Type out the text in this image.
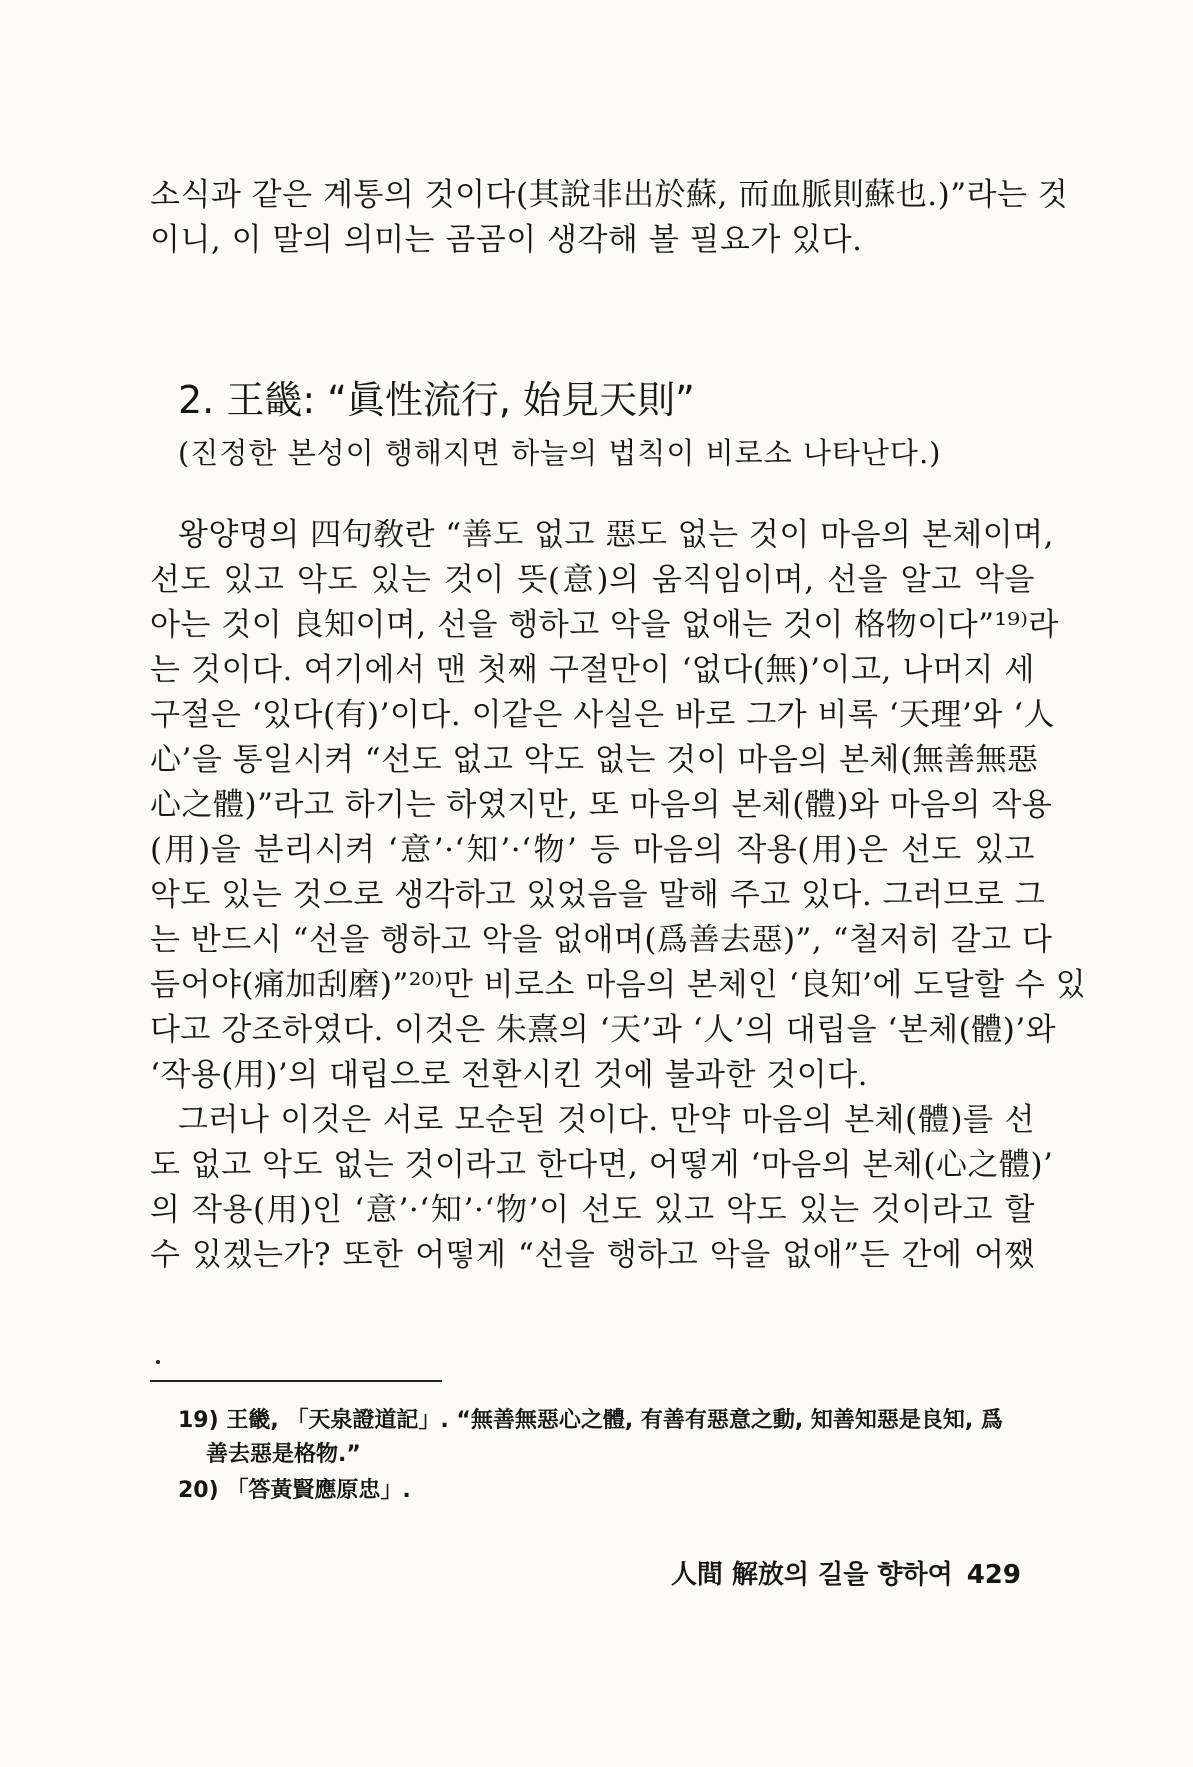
소식과 같은 계통의 것이다(其說非出於蘇, 而血脈則蘇也.)”라는 것
이니, 이 말의 의미는 곰곰이 생각해 볼 필요가 있다.
2. 王畿: “眞性流行, 始見天則”
(진정한 본성이 행해지면 하늘의 법칙이 비로소 나타난다.)
왕양명의 四句敎란 “善도 없고 惡도 없는 것이 마음의 본체이며,
선도 있고 악도 있는 것이 뜻(意)의 움직임이며, 선을 알고 악을
아는 것이 良知이며, 선을 행하고 악을 없애는 것이 格物이다”¹⁹⁾라
는 것이다. 여기에서 맨 첫째 구절만이 ‘없다(無)’이고, 나머지 세
구절은 ‘있다(有)’이다. 이같은 사실은 바로 그가 비록 ‘天理’와 ‘人
心’을 통일시켜 “선도 없고 악도 없는 것이 마음의 본체(無善無惡
心之體)”라고 하기는 하였지만, 또 마음의 본체(體)와 마음의 작용
(用)을 분리시켜 ‘意’·‘知’·‘物’ 등 마음의 작용(用)은 선도 있고
악도 있는 것으로 생각하고 있었음을 말해 주고 있다. 그러므로 그
는 반드시 “선을 행하고 악을 없애며(爲善去惡)”, “철저히 갈고 다
듬어야(痛加刮磨)”²⁰⁾만 비로소 마음의 본체인 ‘良知’에 도달할 수 있
다고 강조하였다. 이것은 朱熹의 ‘天’과 ‘人’의 대립을 ‘본체(體)’와
‘작용(用)’의 대립으로 전환시킨 것에 불과한 것이다.
그러나 이것은 서로 모순된 것이다. 만약 마음의 본체(體)를 선
도 없고 악도 없는 것이라고 한다면, 어떻게 ‘마음의 본체(心之體)’
의 작용(用)인 ‘意’·‘知’·‘物’이 선도 있고 악도 있는 것이라고 할
수 있겠는가? 또한 어떻게 “선을 행하고 악을 없애”든 간에 어쨌
19) 王畿, 「天泉證道記」. “無善無惡心之體, 有善有惡意之動, 知善知惡是良知, 爲
善去惡是格物.”
20) 「答黃賢應原忠」.
人間 解放의 길을 향하여 429
